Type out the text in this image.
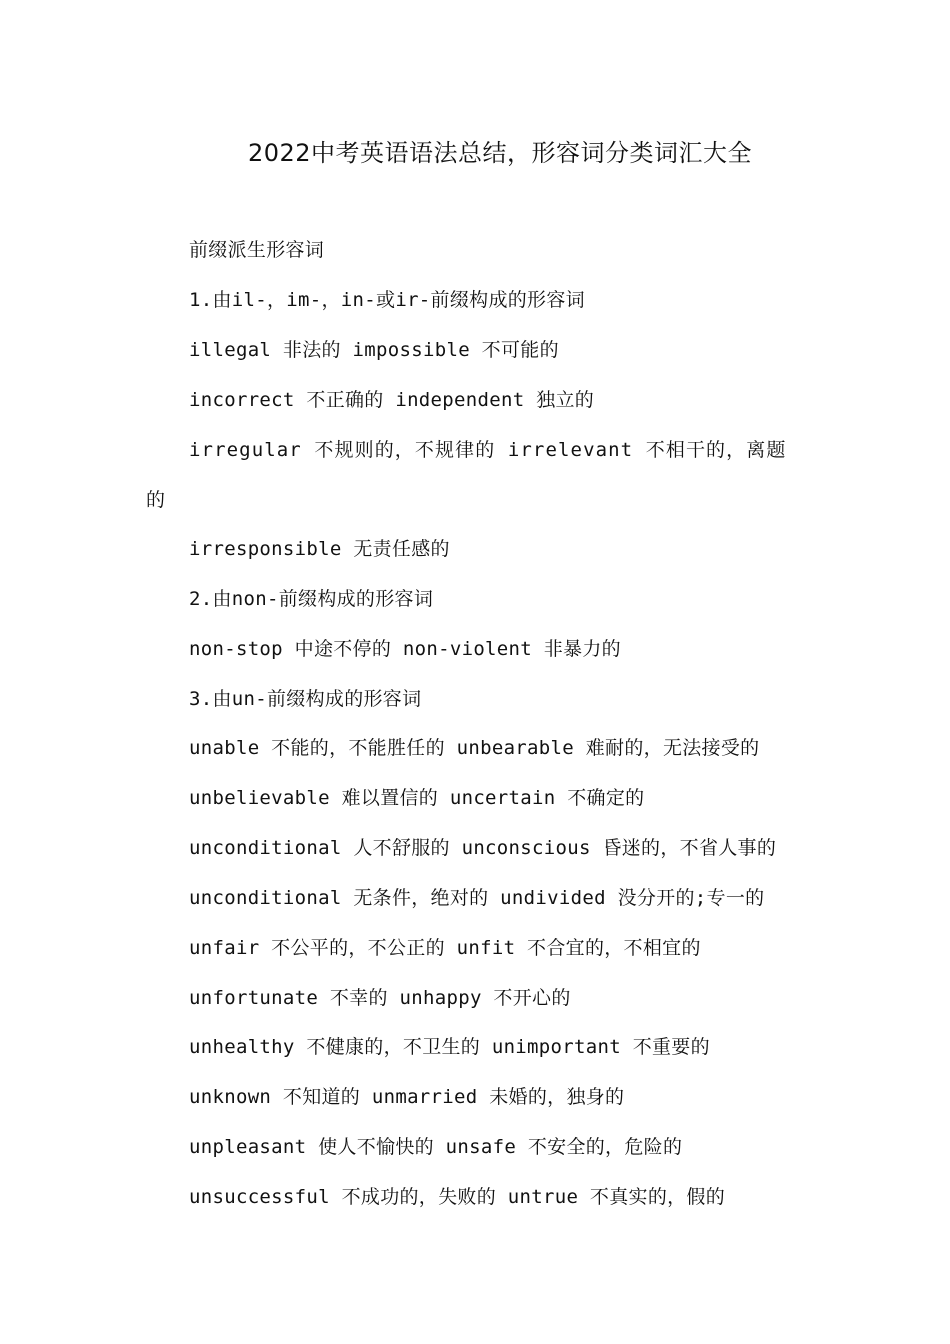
2022中考英语语法总结，形容词分类词汇大全
前缀派生形容词
1.由il-，im-，in-或ir-前缀构成的形容词
illegal 非法的 impossible 不可能的
incorrect 不正确的 independent 独立的
irregular 不规则的，不规律的 irrelevant 不相干的，离题
的
irresponsible 无责任感的
2.由non-前缀构成的形容词
non-stop 中途不停的 non-violent 非暴力的
3.由un-前缀构成的形容词
unable 不能的，不能胜任的 unbearable 难耐的，无法接受的
unbelievable 难以置信的 uncertain 不确定的
unconditional 人不舒服的 unconscious 昏迷的，不省人事的
unconditional 无条件，绝对的 undivided 没分开的;专一的
unfair 不公平的，不公正的 unfit 不合宜的，不相宜的
unfortunate 不幸的 unhappy 不开心的
unhealthy 不健康的，不卫生的 unimportant 不重要的
unknown 不知道的 unmarried 未婚的，独身的
unpleasant 使人不愉快的 unsafe 不安全的，危险的
unsuccessful 不成功的，失败的 untrue 不真实的，假的
